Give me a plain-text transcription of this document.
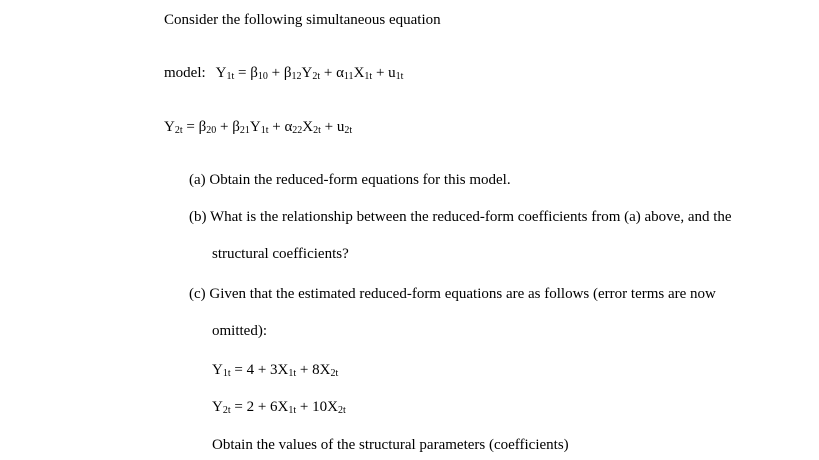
Consider the following simultaneous equation
model: $Y_{1t} = \beta_{10} + \beta_{12}Y_{2t} + \alpha_{11}X_{1t} + u_{1t}$
$Y_{2t} = \beta_{20} + \beta_{21}Y_{1t} + \alpha_{22}X_{2t} + u_{2t}$
(a) Obtain the reduced-form equations for this model.
(b) What is the relationship between the reduced-form coefficients from (a) above, and the
structural coefficients?
(c) Given that the estimated reduced-form equations are as follows (error terms are now
omitted):
$Y_{1t} = 4 + 3X_{1t} + 8X_{2t}$
$Y_{2t} = 2 + 6X_{1t} + 10X_{2t}$
Obtain the values of the structural parameters (coefficients)
